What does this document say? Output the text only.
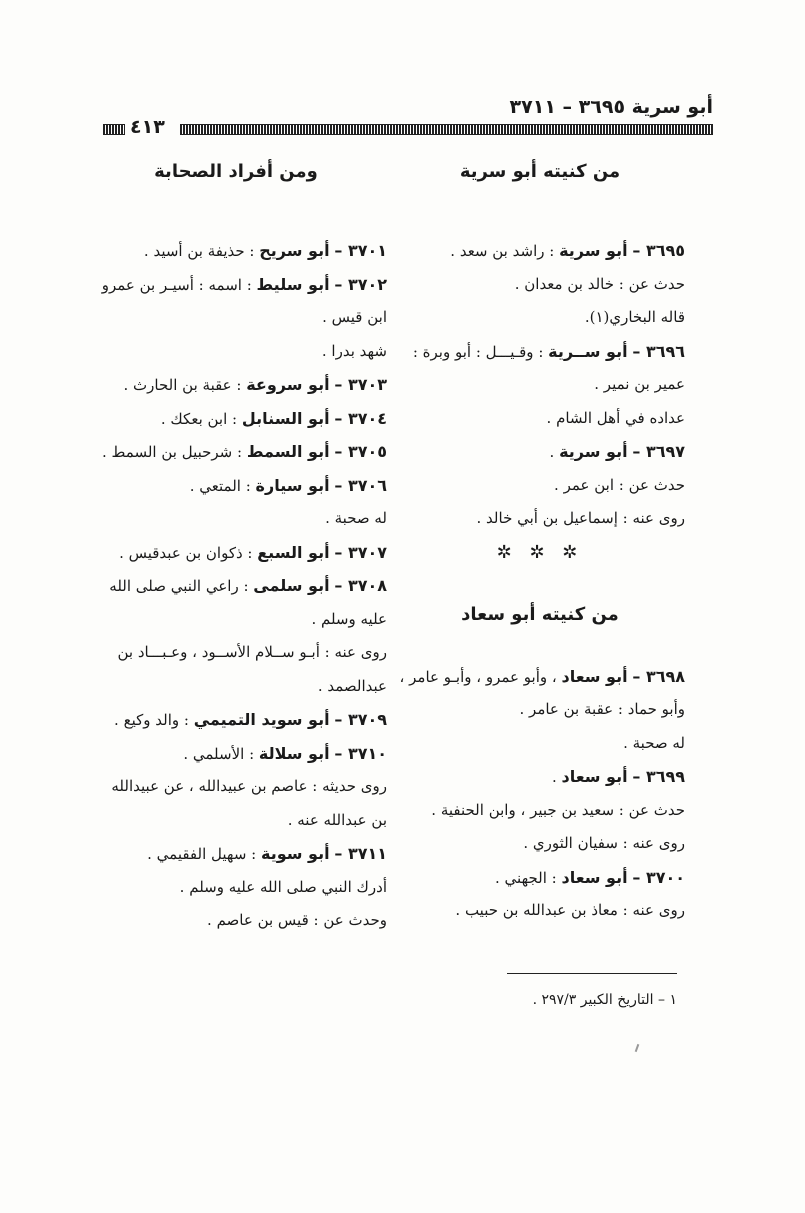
أبو سرية ٣٦٩٥ – ٣٧١١
٤١٣
من كنيته أبو سرية
٣٦٩٥ – أبو سرية : راشد بن سعد .
حدث عن : خالد بن معدان .
قاله البخاري(١).
٣٦٩٦ – أبو ســرية : وقـيـــل : أبو وبرة :
عمير بن نمير .
عداده في أهل الشام .
٣٦٩٧ – أبو سرية .
حدث عن : ابن عمر .
روى عنه : إسماعيل بن أبي خالد .
✲ ✲ ✲
من كنيته أبو سعاد
٣٦٩٨ – أبو سعاد ، وأبو عمرو ، وأبـو عامر ،
وأبو حماد : عقبة بن عامر .
له صحبة .
٣٦٩٩ – أبو سعاد .
حدث عن : سعيد بن جبير ، وابن الحنفية .
روى عنه : سفيان الثوري .
٣٧٠٠ – أبو سعاد : الجهني .
روى عنه : معاذ بن عبدالله بن حبيب .
ومن أفراد الصحابة
٣٧٠١ – أبو سريح : حذيفة بن أسيد .
٣٧٠٢ – أبو سليط : اسمه : أسيـر بن عمرو
ابن قيس .
شهد بدرا .
٣٧٠٣ – أبو سروعة : عقبة بن الحارث .
٣٧٠٤ – أبو السنابل : ابن بعكك .
٣٧٠٥ – أبو السمط : شرحبيل بن السمط .
٣٧٠٦ – أبو سيارة : المتعي .
له صحبة .
٣٧٠٧ – أبو السبع : ذكوان بن عبدقيس .
٣٧٠٨ – أبو سلمى : راعي النبي صلى الله
عليه وسلم .
روى عنه : أبـو ســلام الأســود ، وعـبـــاد بن
عبدالصمد .
٣٧٠٩ – أبو سويد التميمي : والد وكيع .
٣٧١٠ – أبو سلالة : الأسلمي .
روى حديثه : عاصم بن عبيدالله ، عن عبيدالله
بن عبدالله عنه .
٣٧١١ – أبو سوية : سهيل الفقيمي .
أدرك النبي صلى الله عليه وسلم .
وحدث عن : قيس بن عاصم .
١ – التاريخ الكبير ٢٩٧/٣ .
